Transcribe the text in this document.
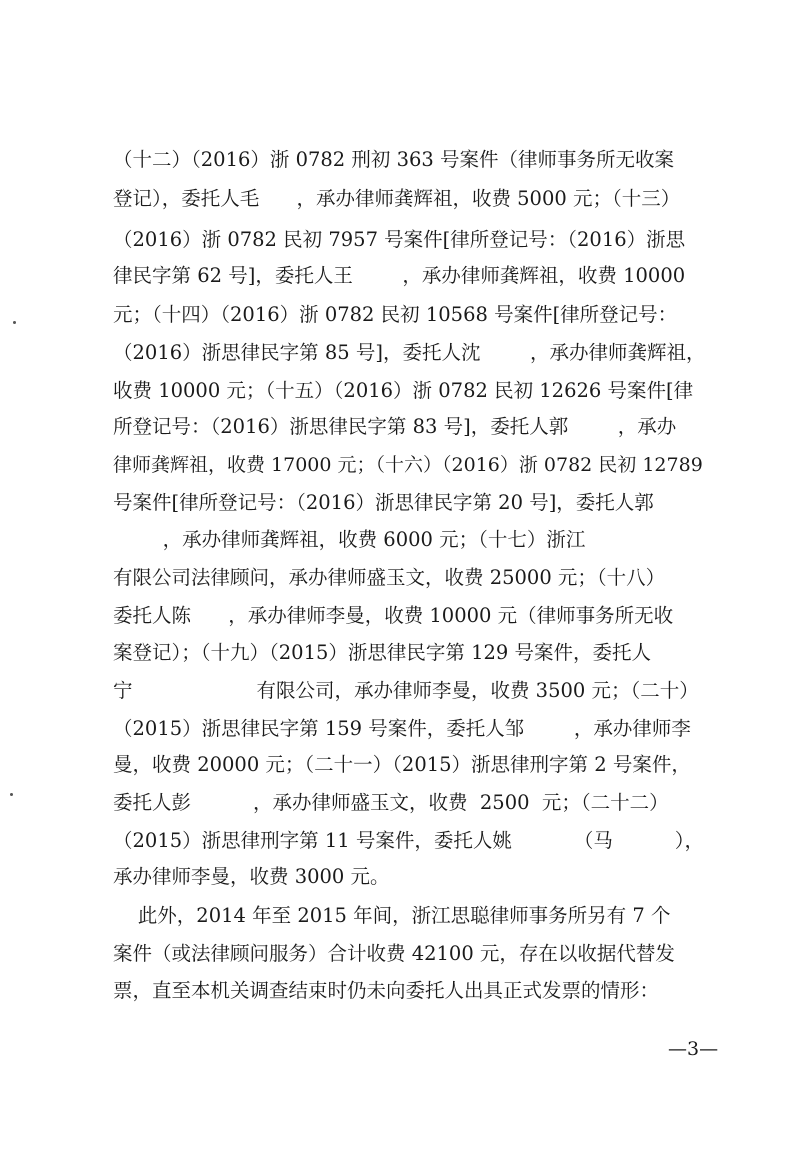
（十二）（2016）浙 0782 刑初 363 号案件（律师事务所无收案
登记），委托人毛      ，承办律师龚辉祖，收费 5000 元；（十三）
（2016）浙 0782 民初 7957 号案件[律所登记号：（2016）浙思
律民字第 62 号]，委托人王        ，承办律师龚辉祖，收费 10000
元；（十四）（2016）浙 0782 民初 10568 号案件[律所登记号：
（2016）浙思律民字第 85 号]，委托人沈        ，承办律师龚辉祖，
收费 10000 元；（十五）（2016）浙 0782 民初 12626 号案件[律
所登记号：（2016）浙思律民字第 83 号]，委托人郭        ，承办
律师龚辉祖，收费 17000 元；（十六）（2016）浙 0782 民初 12789
号案件[律所登记号：（2016）浙思律民字第 20 号]，委托人郭
，承办律师龚辉祖，收费 6000 元；（十七）浙江
有限公司法律顾问，承办律师盛玉文，收费 25000 元；（十八）
委托人陈      ，承办律师李曼，收费 10000 元（律师事务所无收
案登记）；（十九）（2015）浙思律民字第 129 号案件，委托人
宁                    有限公司，承办律师李曼，收费 3500 元；（二十）
（2015）浙思律民字第 159 号案件，委托人邹        ，承办律师李
曼，收费 20000 元；（二十一）（2015）浙思律刑字第 2 号案件，
委托人彭          ，承办律师盛玉文，收费  2500  元；（二十二）
（2015）浙思律刑字第 11 号案件，委托人姚          （马          ），
承办律师李曼，收费 3000 元。
此外，2014 年至 2015 年间，浙江思聪律师事务所另有 7 个
案件（或法律顾问服务）合计收费 42100 元，存在以收据代替发
票，直至本机关调查结束时仍未向委托人出具正式发票的情形：
—3—
